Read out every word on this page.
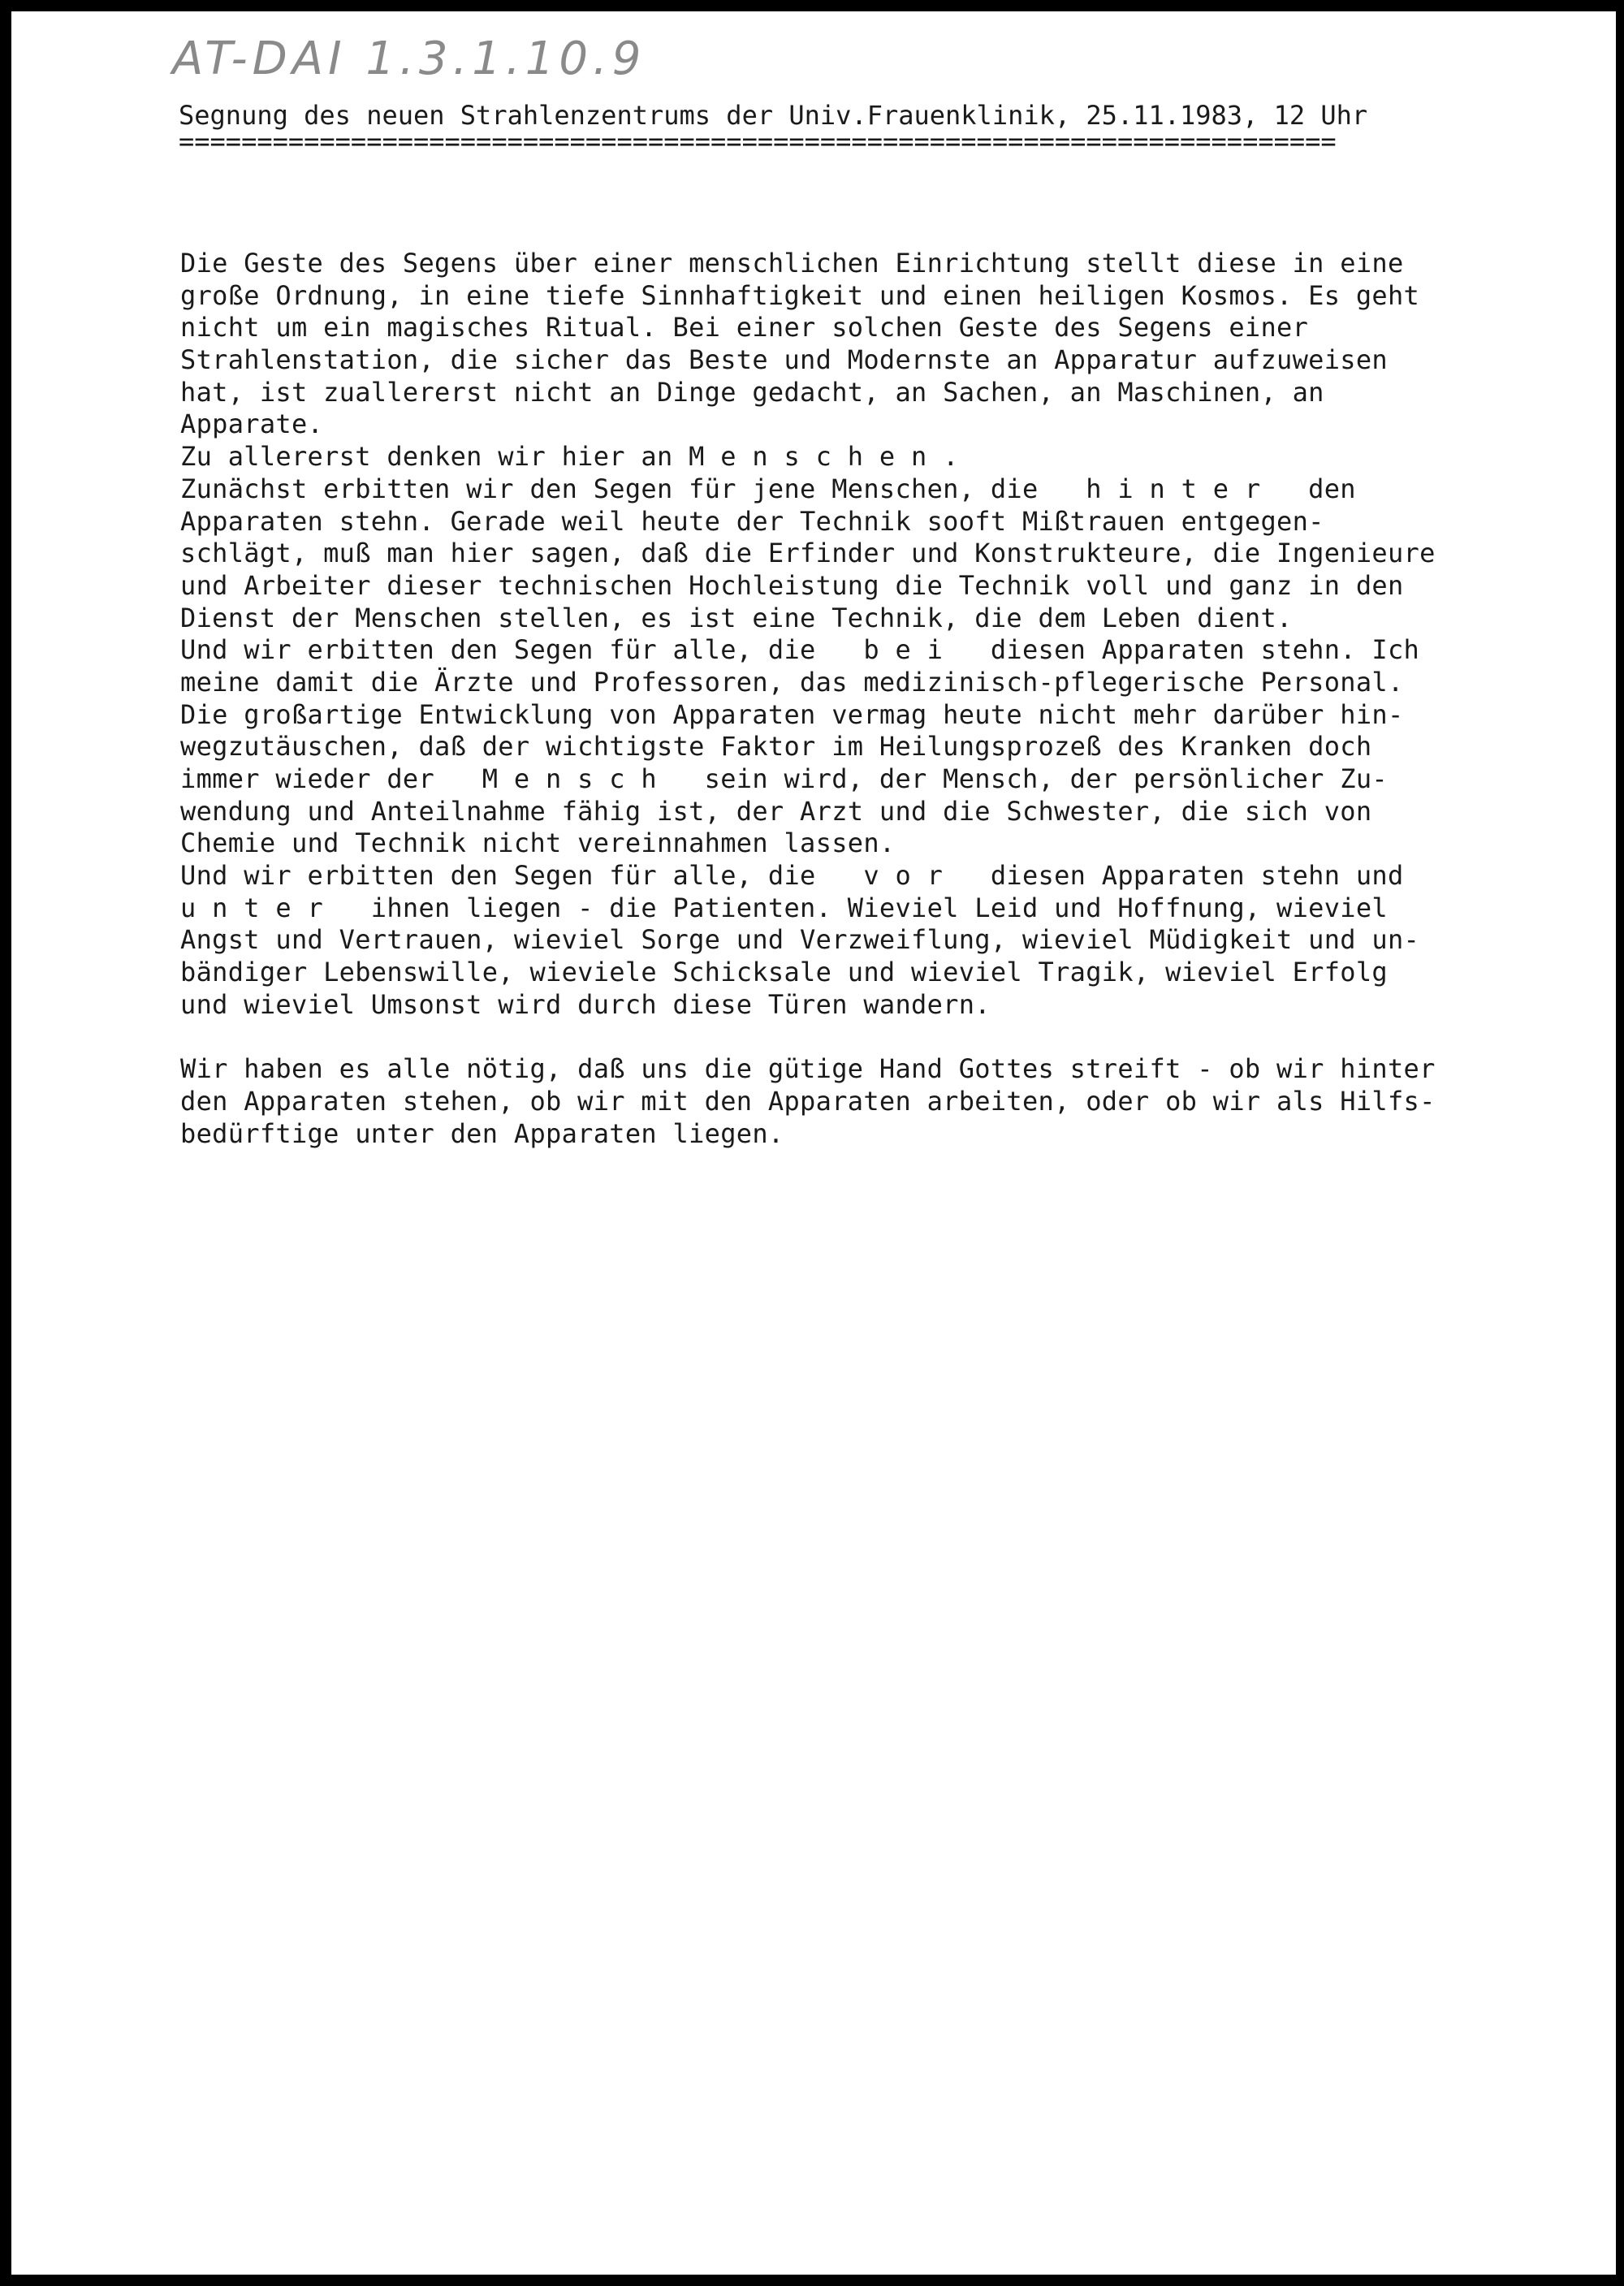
AT-DAI 1.3.1.10.9
Segnung des neuen Strahlenzentrums der Univ.Frauenklinik, 25.11.1983, 12 Uhr
==========================================================================
Die Geste des Segens über einer menschlichen Einrichtung stellt diese in eine
große Ordnung, in eine tiefe Sinnhaftigkeit und einen heiligen Kosmos. Es geht
nicht um ein magisches Ritual. Bei einer solchen Geste des Segens einer
Strahlenstation, die sicher das Beste und Modernste an Apparatur aufzuweisen
hat, ist zuallererst nicht an Dinge gedacht, an Sachen, an Maschinen, an
Apparate.
Zu allererst denken wir hier an M e n s c h e n .
Zunächst erbitten wir den Segen für jene Menschen, die   h i n t e r   den
Apparaten stehn. Gerade weil heute der Technik sooft Mißtrauen entgegen-
schlägt, muß man hier sagen, daß die Erfinder und Konstrukteure, die Ingenieure
und Arbeiter dieser technischen Hochleistung die Technik voll und ganz in den
Dienst der Menschen stellen, es ist eine Technik, die dem Leben dient.
Und wir erbitten den Segen für alle, die   b e i   diesen Apparaten stehn. Ich
meine damit die Ärzte und Professoren, das medizinisch-pflegerische Personal.
Die großartige Entwicklung von Apparaten vermag heute nicht mehr darüber hin-
wegzutäuschen, daß der wichtigste Faktor im Heilungsprozeß des Kranken doch
immer wieder der   M e n s c h   sein wird, der Mensch, der persönlicher Zu-
wendung und Anteilnahme fähig ist, der Arzt und die Schwester, die sich von
Chemie und Technik nicht vereinnahmen lassen.
Und wir erbitten den Segen für alle, die   v o r   diesen Apparaten stehn und
u n t e r   ihnen liegen - die Patienten. Wieviel Leid und Hoffnung, wieviel
Angst und Vertrauen, wieviel Sorge und Verzweiflung, wieviel Müdigkeit und un-
bändiger Lebenswille, wieviele Schicksale und wieviel Tragik, wieviel Erfolg
und wieviel Umsonst wird durch diese Türen wandern.
Wir haben es alle nötig, daß uns die gütige Hand Gottes streift - ob wir hinter
den Apparaten stehen, ob wir mit den Apparaten arbeiten, oder ob wir als Hilfs-
bedürftige unter den Apparaten liegen.
